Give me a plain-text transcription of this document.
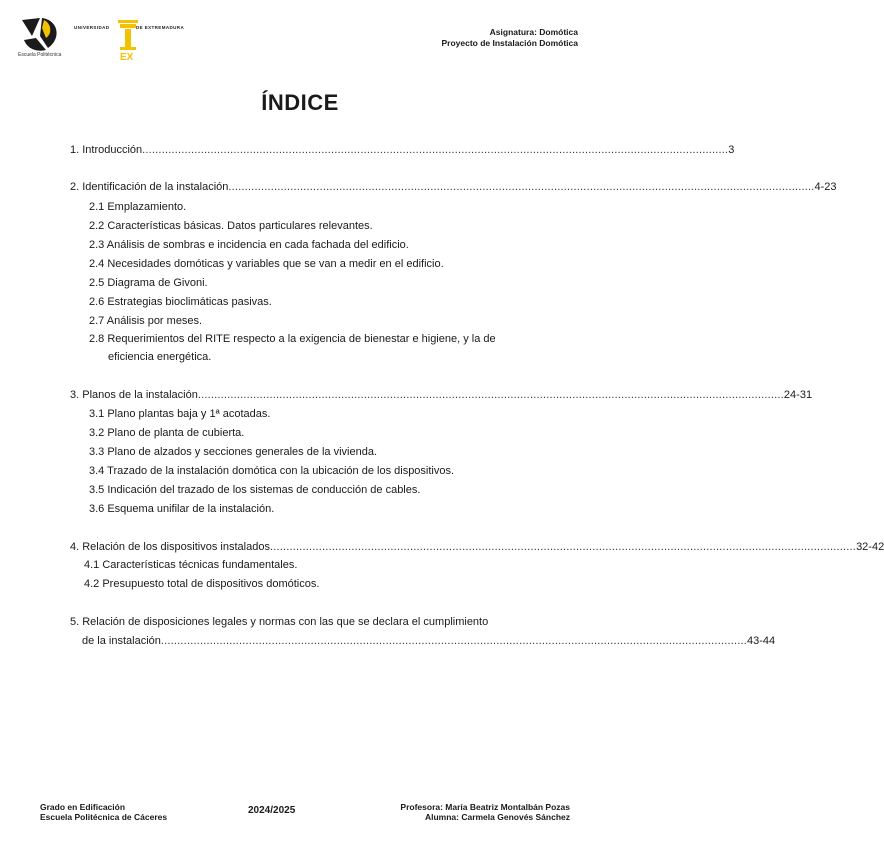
Escuela Politécnica	EX
UNIVERSIDAD	DE EXTREMADURA	Asignatura: Domótica
Proyecto de Instalación Domótica
ÍNDICE
1. Introducción .................................................................................................................................................................................... 3
2. Identificación de la instalación .................................................................................................................................................................................... 4-23
2.1 Emplazamiento.
2.2 Características básicas. Datos particulares relevantes.
2.3 Análisis de sombras e incidencia en cada fachada del edificio.
2.4 Necesidades domóticas y variables que se van a medir en el edificio.
2.5 Diagrama de Givoni.
2.6 Estrategias bioclimáticas pasivas.
2.7 Análisis por meses.
2.8 Requerimientos del RITE respecto a la exigencia de bienestar e higiene, y la de
eficiencia energética.
3. Planos de la instalación .................................................................................................................................................................................... 24-31
3.1 Plano plantas baja y 1ª acotadas.
3.2 Plano de planta de cubierta.
3.3 Plano de alzados y secciones generales de la vivienda.
3.4 Trazado de la instalación domótica con la ubicación de los dispositivos.
3.5 Indicación del trazado de los sistemas de conducción de cables.
3.6 Esquema unifilar de la instalación.
4. Relación de los dispositivos instalados .................................................................................................................................................................................... 32-42
4.1 Características técnicas fundamentales.
4.2 Presupuesto total de dispositivos domóticos.
5. Relación de disposiciones legales y normas con las que se declara el cumplimiento
de la instalación .................................................................................................................................................................................... 43-44
Grado en Edificación
Escuela Politécnica de Cáceres
2024/2025	Profesora: María Beatriz Montalbán Pozas
Alumna: Carmela Genovés Sánchez
